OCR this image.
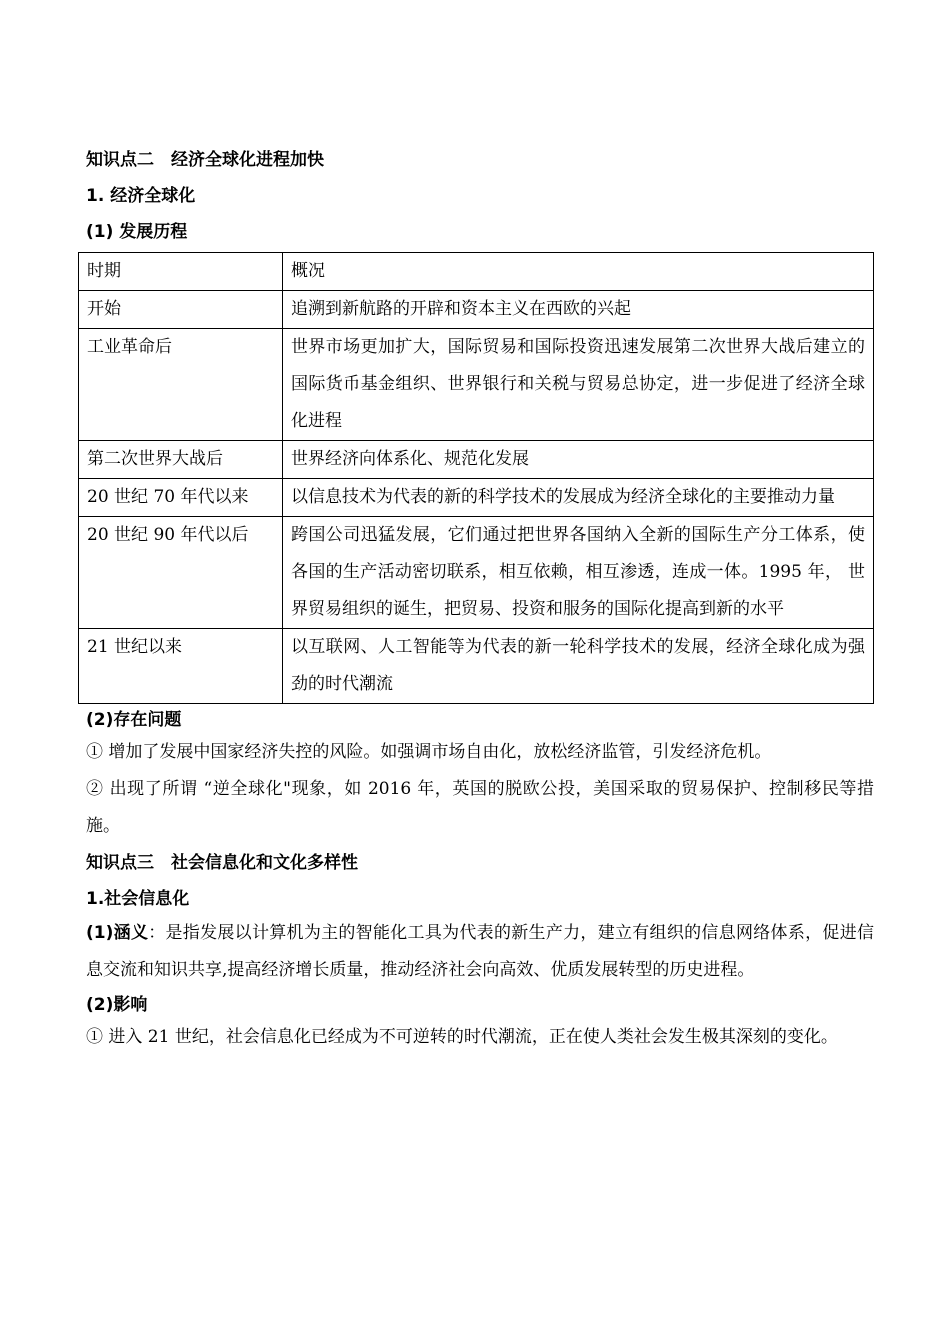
知识点二　经济全球化进程加快
1. 经济全球化
(1) 发展历程
时期	概况
开始	追溯到新航路的开辟和资本主义在西欧的兴起
工业革命后	世界市场更加扩大，国际贸易和国际投资迅速发展第二次世界大战后建立的国际货币基金组织、世界银行和关税与贸易总协定，进一步促进了经济全球化进程
第二次世界大战后	世界经济向体系化、规范化发展
20 世纪 70 年代以来	以信息技术为代表的新的科学技术的发展成为经济全球化的主要推动力量
20 世纪 90 年代以后	跨国公司迅猛发展，它们通过把世界各国纳入全新的国际生产分工体系，使各国的生产活动密切联系，相互依赖，相互渗透，连成一体。1995 年， 世界贸易组织的诞生，把贸易、投资和服务的国际化提高到新的水平
21 世纪以来	以互联网、人工智能等为代表的新一轮科学技术的发展，经济全球化成为强劲的时代潮流
(2)存在问题
① 增加了发展中国家经济失控的风险。如强调市场自由化，放松经济监管，引发经济危机。
② 出现了所谓 “逆全球化"现象，如 2016 年，英国的脱欧公投，美国采取的贸易保护、控制移民等措施。
知识点三　社会信息化和文化多样性
1.社会信息化
(1)涵义：是指发展以计算机为主的智能化工具为代表的新生产力，建立有组织的信息网络体系，促进信息交流和知识共享,提高经济增长质量，推动经济社会向高效、优质发展转型的历史进程。
(2)影响
① 进入 21 世纪，社会信息化已经成为不可逆转的时代潮流，正在使人类社会发生极其深刻的变化。
